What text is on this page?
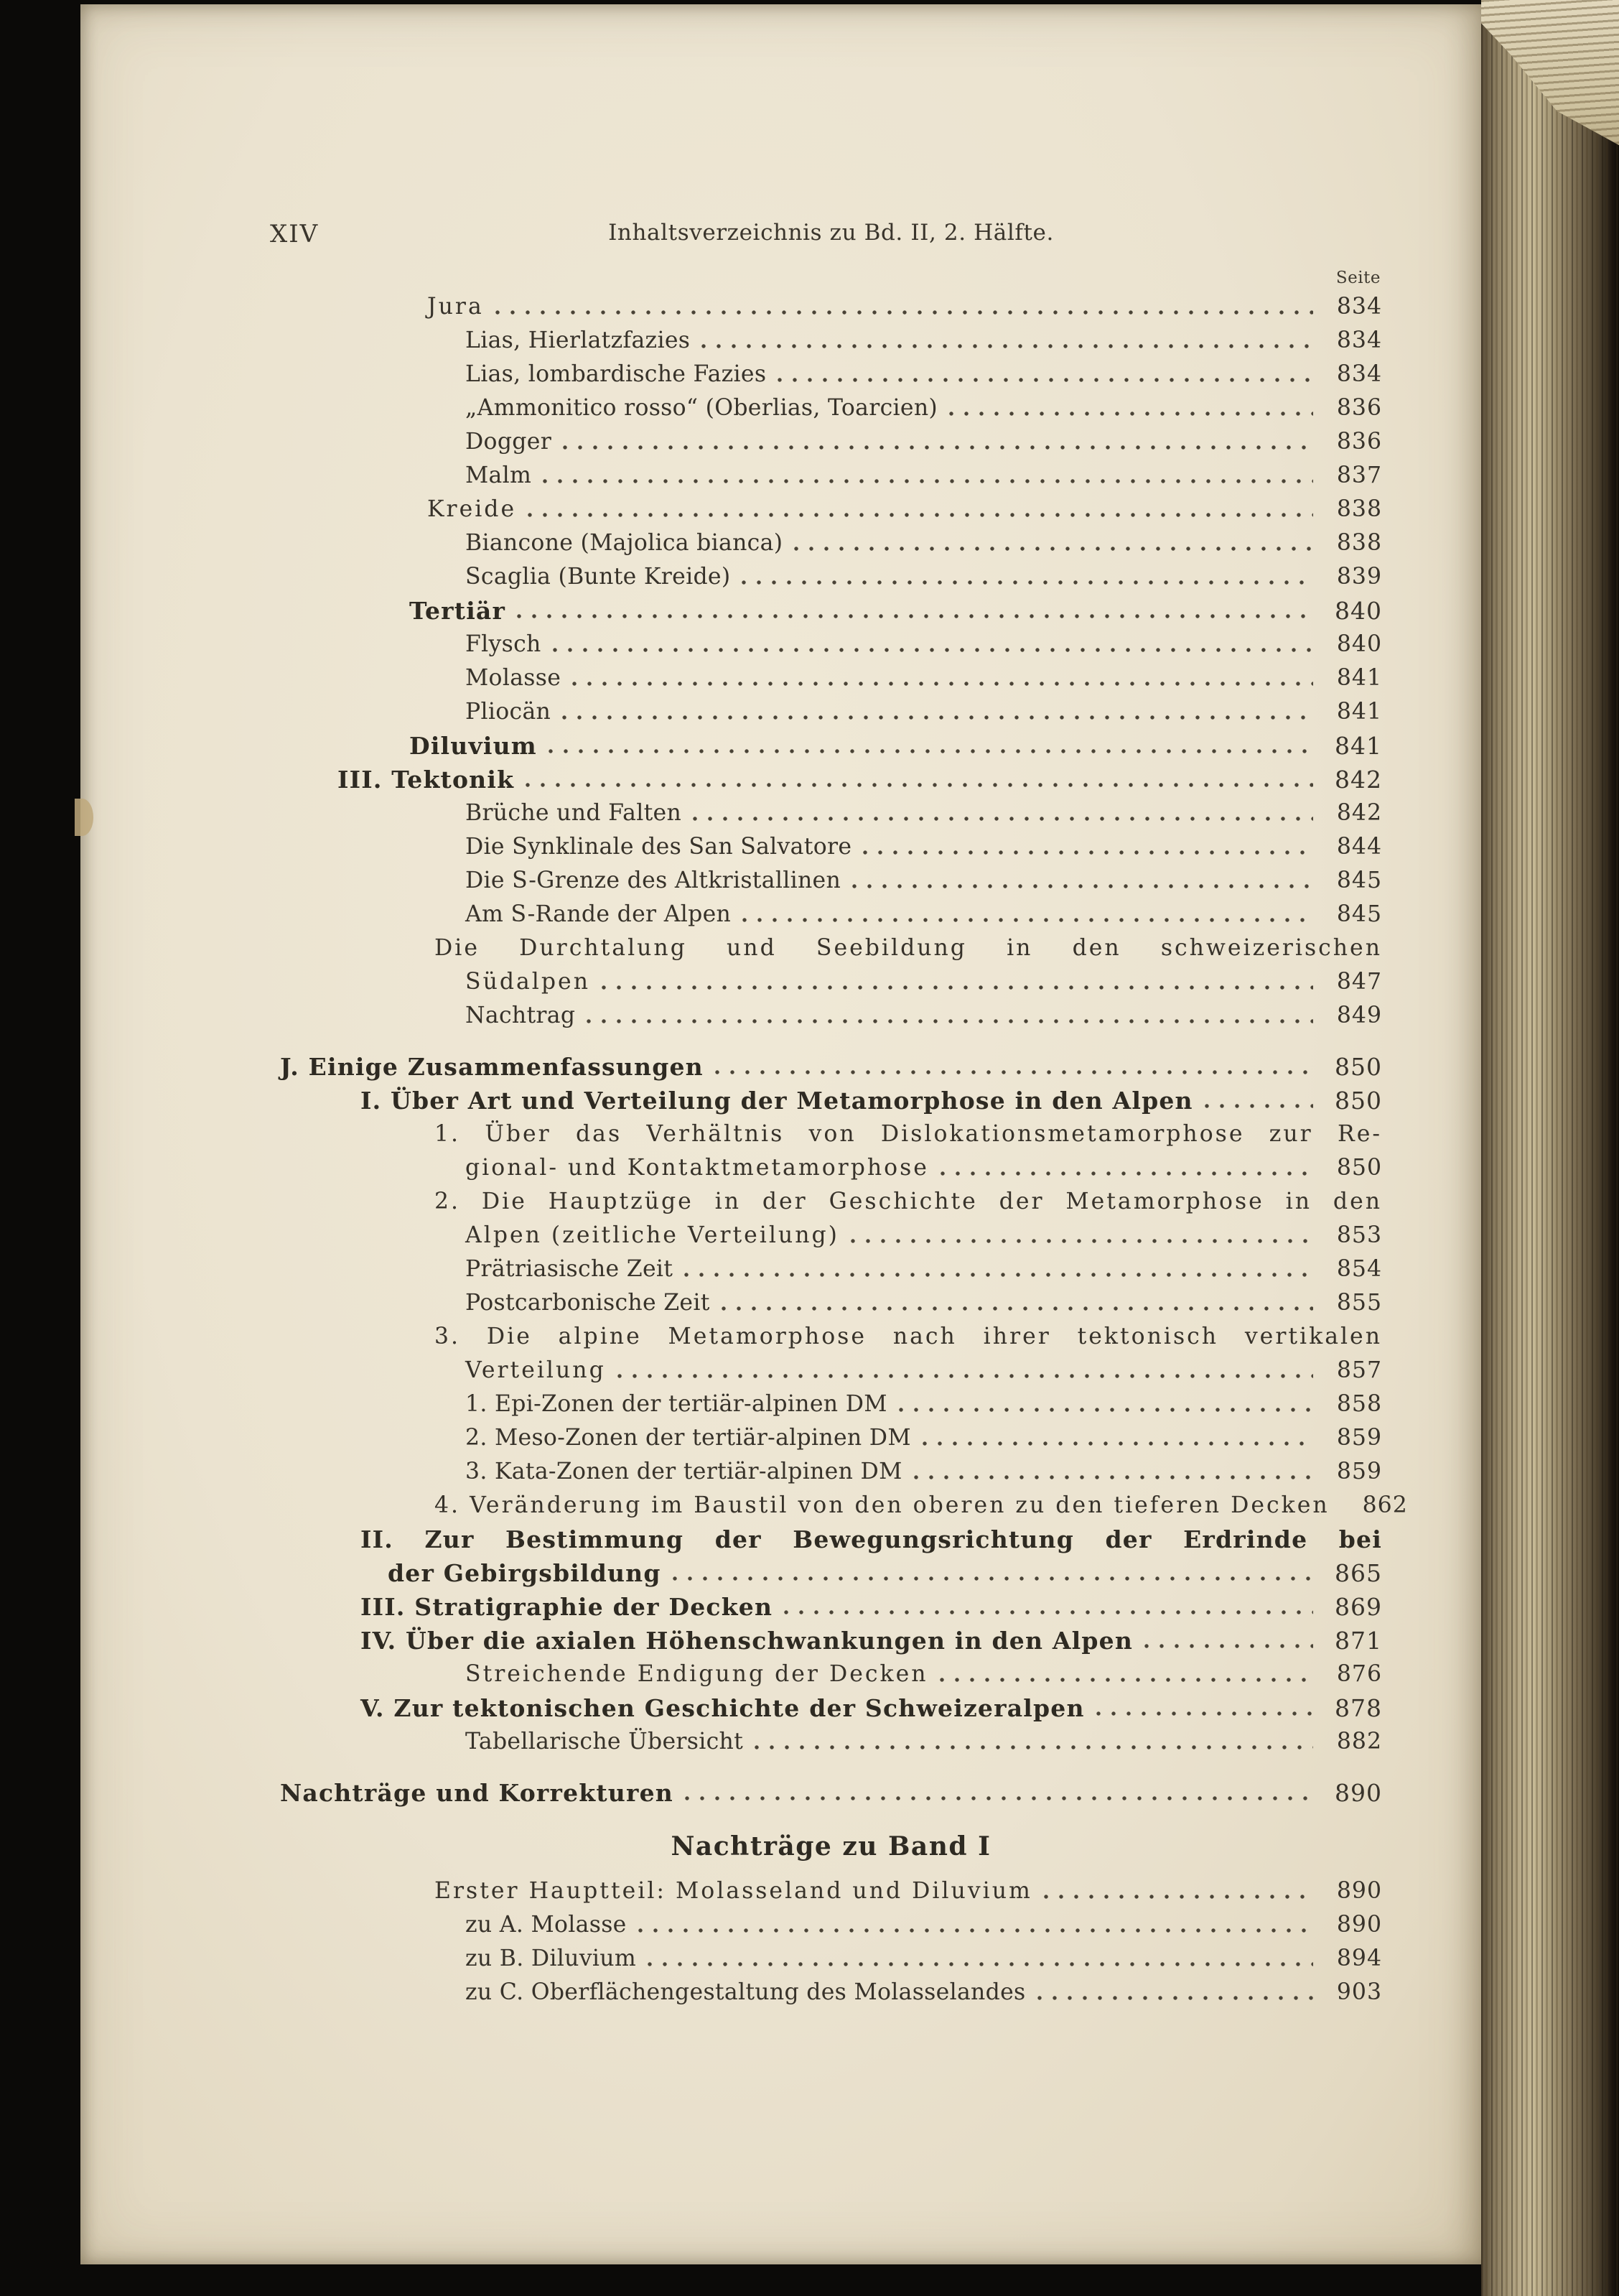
XIV	Inhaltsverzeichnis zu Bd. II, 2. Hälfte.
Seite
Jura	834
Lias, Hierlatzfazies	834
Lias, lombardische Fazies	834
„Ammonitico rosso“ (Oberlias, Toarcien)	836
Dogger	836
Malm	837
Kreide	838
Biancone (Majolica bianca)	838
Scaglia (Bunte Kreide)	839
Tertiär	840
Flysch	840
Molasse	841
Pliocän	841
Diluvium	841
III. Tektonik	842
Brüche und Falten	842
Die Synklinale des San Salvatore	844
Die S-Grenze des Altkristallinen	845
Am S-Rande der Alpen	845
Die Durchtalung und Seebildung in den schweizerischen
Südalpen	847
Nachtrag	849
J. Einige Zusammenfassungen	850
I. Über Art und Verteilung der Metamorphose in den Alpen	850
1. Über das Verhältnis von Dislokationsmetamorphose zur Re-
gional- und Kontaktmetamorphose	850
2. Die Hauptzüge in der Geschichte der Metamorphose in den
Alpen (zeitliche Verteilung)	853
Prätriasische Zeit	854
Postcarbonische Zeit	855
3. Die alpine Metamorphose nach ihrer tektonisch vertikalen
Verteilung	857
1. Epi-Zonen der tertiär-alpinen DM	858
2. Meso-Zonen der tertiär-alpinen DM	859
3. Kata-Zonen der tertiär-alpinen DM	859
4. Veränderung im Baustil von den oberen zu den tieferen Decken 862
II. Zur Bestimmung der Bewegungsrichtung der Erdrinde bei
der Gebirgsbildung	865
III. Stratigraphie der Decken	869
IV. Über die axialen Höhenschwankungen in den Alpen	871
Streichende Endigung der Decken	876
V. Zur tektonischen Geschichte der Schweizeralpen	878
Tabellarische Übersicht	882
Nachträge und Korrekturen	890
Nachträge zu Band I
Erster Hauptteil: Molasseland und Diluvium	890
zu A. Molasse	890
zu B. Diluvium	894
zu C. Oberflächengestaltung des Molasselandes	903
